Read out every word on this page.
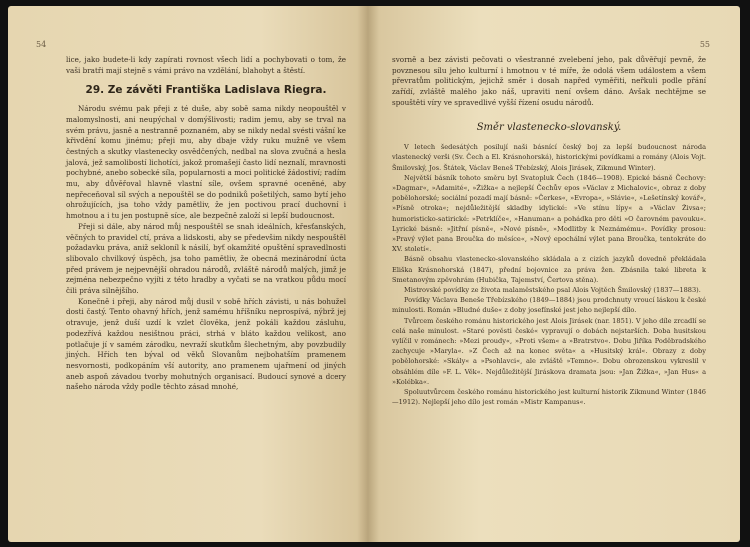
54

lice, jako budete-li kdy zapírati rovnost všech lidí a pochybovati o tom, že vaši bratři mají stejně s vámi právo na vzdělání, blahobyt a štěstí.

29. Ze závěti Františka Ladislava Riegra.

Národu svému pak přeji z té duše, aby sobě sama nikdy neopouštěl v malomyslnosti, ani neupýchal v domýšlivosti; radim jemu, aby se trval na svém právu, jasně a nestranně poznaném, aby se nikdy nedal svésti vášní ke křivdění komu jinému; přeji mu, aby dbaje vždy ruku mužně ve všem čestných a skutky vlastenecky osvědčených, nedbal na slova zvučná a hesla jalová, jež samolibostí lichotíci, jakož promašejí často lidí neznalí, mravnosti pochybné, anebo sobecké síla, popularnosti a moci politické žádostiví; radím mu, aby důvěřoval hlavně vlastní síle, ovšem spravné oceněné, aby nepřeceňoval síl svých a nepouštěl se do podniků pošetilých, samo bytí jeho ohrožujících, jsa toho vždy pamětliv, že jen poctivou prací duchovní i hmotnou a i tu jen postupně síce, ale bezpečně založí si lepší budoucnost.

Přeji si dále, aby národ můj nespouštěl se snah ideálních, křesťanských, věčných to pravidel ctí, práva a lidskosti, aby se předevšim nikdy nespouštěl požadavku práva, aniž sekloníl k násilí, byť okamžité opuštění spravedlnosti slibovalo chvilkový úspěch, jsa toho pamětliv, že obecná mezinárodní úcta před právem je nejpevnější ohradou národů, zvláště národů malých, jimž je zejména nebezpečno vyjíti z této hradby a vyčati se na vratkou půdu mocí čili práva silnějšího.

Konečně i přeji, aby národ můj dusil v sobě hřích závisti, u nás bohužel dosti častý. Tento ohavný hřích, jenž samému hříšníku neprospívá, nýbrž jej otravuje, jenž duší uzdí k vzlet člověka, jenž pokáli každou zásluhu, podezřívá každou nesištnou práci, strhá v bláto každou velikost, ano potlačuje jí v samém zárodku, nevraží skutkům šlechetným, aby povzbudily jiných. Hřích ten býval od věků Slovanům nejbohatším pramenem nesvornosti, podkopáním vší autority, ano pramenem ujařmení od jiných aneb aspoň závadou tvorby mohutných organisací. Budoucí synové a dcery našeho národa vždy podle těchto zásad mnohé,

55

svorně a bez závisti pečovati o všestranné zvelebení jeho, pak důvěřují pevně, že povznesou sílu jeho kulturní i hmotnou v té míře, že odolá všem událostem a všem převratům politickým, jejichž směr i dosah napřed vyměřiti, neřkuli podle přání zařídí, zvláště malého jako náš, upraviti není ovšem dáno. Avšak nechtějme se spouštěti víry ve spravedlivé vyšší řízení osudu národů.

Směr vlastenecko-slovanský.

V letech šedesátých posilují naši básnící český boj za lepší budoucnost národa vlastenecký verši (Sv. Čech a El. Krásnohorská), historickými povídkami a romány (Alois Vojt. Šmilovský, Jos. Štátek, Václav Beneš Třebízský, Alois Jirásek, Zikmund Winter).

Největší básník tohoto směru byl Svatopluk Čech (1846—1908). Epické básně Čechovy: »Dagmar«, »Adamité«, »Žižka« a nejlepší Čechův epos »Václav z Michalovic«, obraz z doby pobělohorské; sociální pozadí mají básně: »Čerkes«, »Evropa«, »Slávie«, »Lešetínský kovář«, »Písně otroka«; nejdůležitější skladby idylické: »Ve stínu lípy« a »Václav Živsa«; humoristicko-satirické: »Petrklíče«, »Hanuman« a pohádka pro děti »O čarovném pavouku«. Lyrické básně: »Jitřní písně«, »Nové písně«, »Modlitby k Neznámému«. Povídky prosou: »Pravý výlet pana Broučka do měsíce«, »Nový epochální výlet pana Broučka, tentokráte do XV. století«.

Básně obsahu vlastenecko-slovanského skládala a z cizích jazyků dovedně překládala Eliška Krásnohorská (1847), přední bojovnice za práva žen. Zbásnila také libreta k Smetanovým zpěvohrám (Hubička, Tajemství, Čertova stěna).

Mistrovské povídky ze života malaměstského psal Alois Vojtěch Šmilovský (1837—1883).

Povídky Václava Beneše Třebízského (1849—1884) jsou prodchnuty vroucí láskou k české minulosti. Román »Bludné duše« z doby josefínské jest jeho nejlepší dílo.

Tvůrcem českého románu historického jest Alois Jirásek (nar. 1851). V jeho díle zrcadlí se celá naše minulost. »Staré pověsti české« vypravují o dobách nejstarších. Doba husitskou vylíčil v románech: »Mezi proudy«, »Proti všem« a »Bratrstvo«. Dobu Jiříka Poděbradského zachycuje »Maryla«. »Z Čech až na konec světa« a »Husitský král«. Obrazy z doby pobělohorské: »Skály« a »Psohlavci«, ale zvláště »Temno«. Dobu obrozenskou vykreslil v obsáhlém díle »F. L. Věk«. Nejdůležitější Jiráskova dramata jsou: »Jan Žižka«, »Jan Hus« a »Kolébka«.

Spoluutvůrcem českého románu historického jest kulturní historik Zikmund Winter (1846—1912). Nejlepší jeho dílo jest román »Mistr Kampanus«.
